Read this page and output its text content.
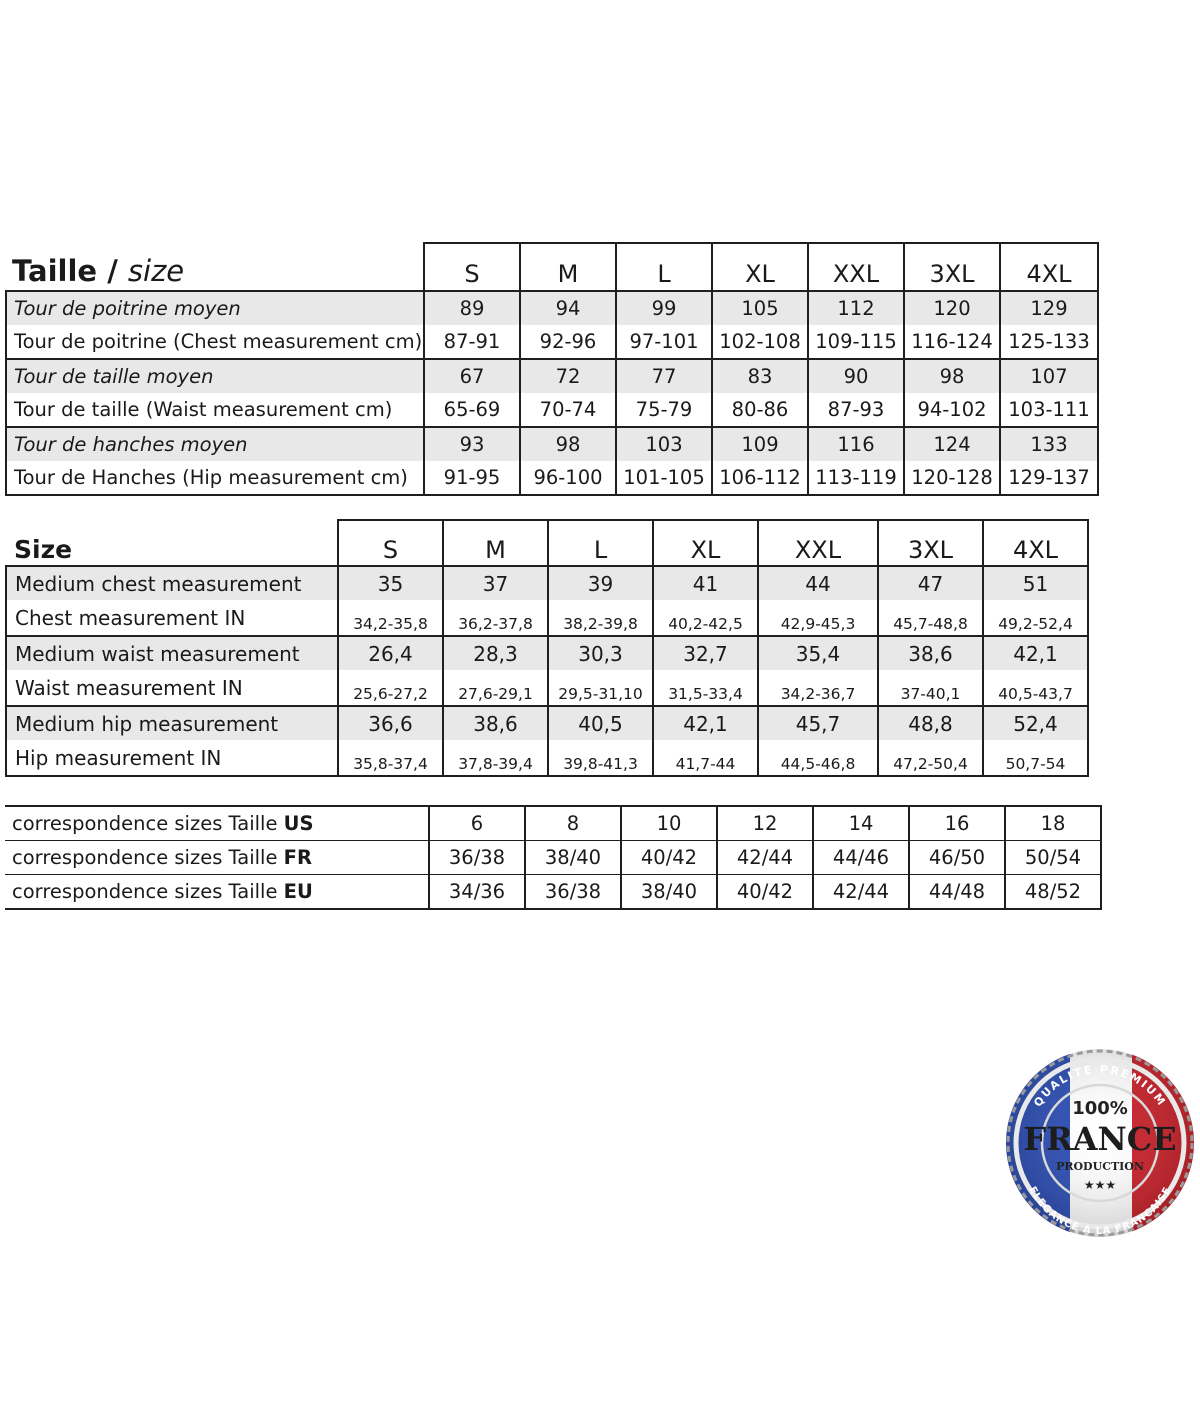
Taille / size	S	M	L	XL	XXL	3XL	4XL
Tour de poitrine moyen	89	94	99	105	112	120	129
Tour de poitrine (Chest measurement cm)	87-91	92-96	97-101	102-108	109-115	116-124	125-133
Tour de taille moyen	67	72	77	83	90	98	107
Tour de taille (Waist measurement cm)	65-69	70-74	75-79	80-86	87-93	94-102	103-111
Tour de hanches moyen	93	98	103	109	116	124	133
Tour de Hanches (Hip measurement cm)	91-95	96-100	101-105	106-112	113-119	120-128	129-137
Size	S	M	L	XL	XXL	3XL	4XL
Medium chest measurement	35	37	39	41	44	47	51
Chest measurement IN	34,2-35,8	36,2-37,8	38,2-39,8	40,2-42,5	42,9-45,3	45,7-48,8	49,2-52,4
Medium waist measurement	26,4	28,3	30,3	32,7	35,4	38,6	42,1
Waist measurement IN	25,6-27,2	27,6-29,1	29,5-31,10	31,5-33,4	34,2-36,7	37-40,1	40,5-43,7
Medium hip measurement	36,6	38,6	40,5	42,1	45,7	48,8	52,4
Hip measurement IN	35,8-37,4	37,8-39,4	39,8-41,3	41,7-44	44,5-46,8	47,2-50,4	50,7-54
correspondence sizes Taille US	6	8	10	12	14	16	18
correspondence sizes Taille FR	36/38	38/40	40/42	42/44	44/46	46/50	50/54
correspondence sizes Taille EU	34/36	36/38	38/40	40/42	42/44	44/48	48/52
QUALITE PREMIUM
100%
FRANCE
PRODUCTION
★★★
ELEGANCE A LA FRANCAISE
